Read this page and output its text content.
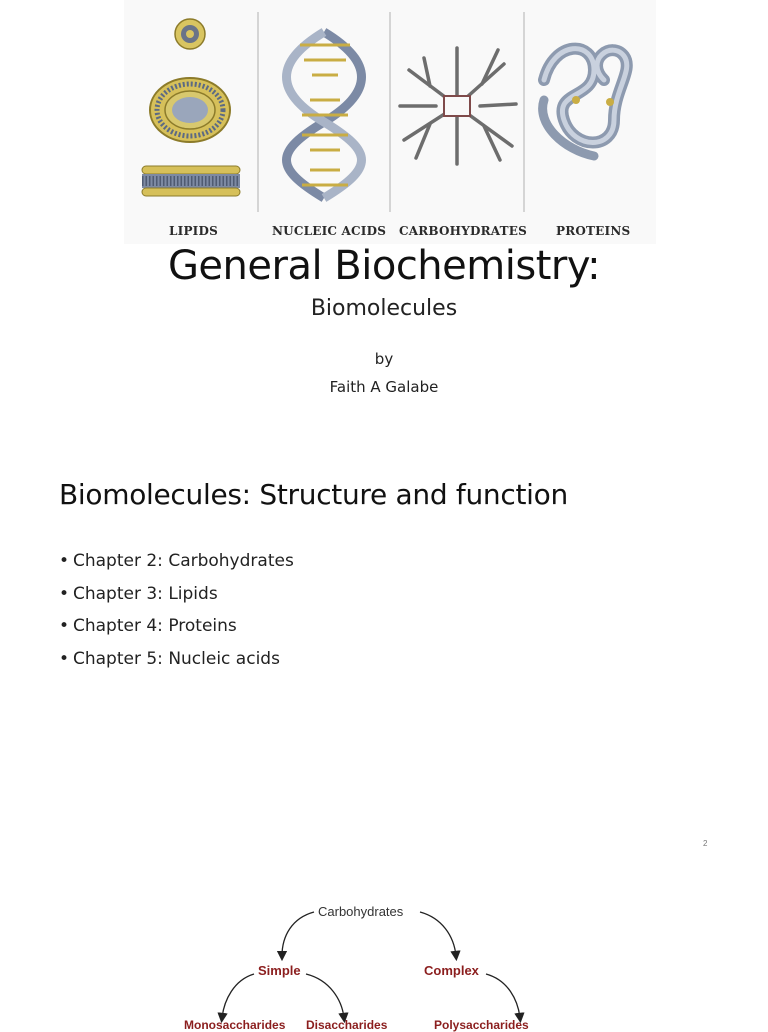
LIPIDS	NUCLEIC ACIDS CARBOHYDRATES PROTEINS
General Biochemistry:
Biomolecules
by
Faith A Galabe
Biomolecules: Structure and function
• Chapter 2: Carbohydrates
• Chapter 3: Lipids
• Chapter 4: Proteins
• Chapter 5: Nucleic acids
2
Carbohydrates
Simple	Complex
Monosaccharides Disaccharides	Polysaccharides
